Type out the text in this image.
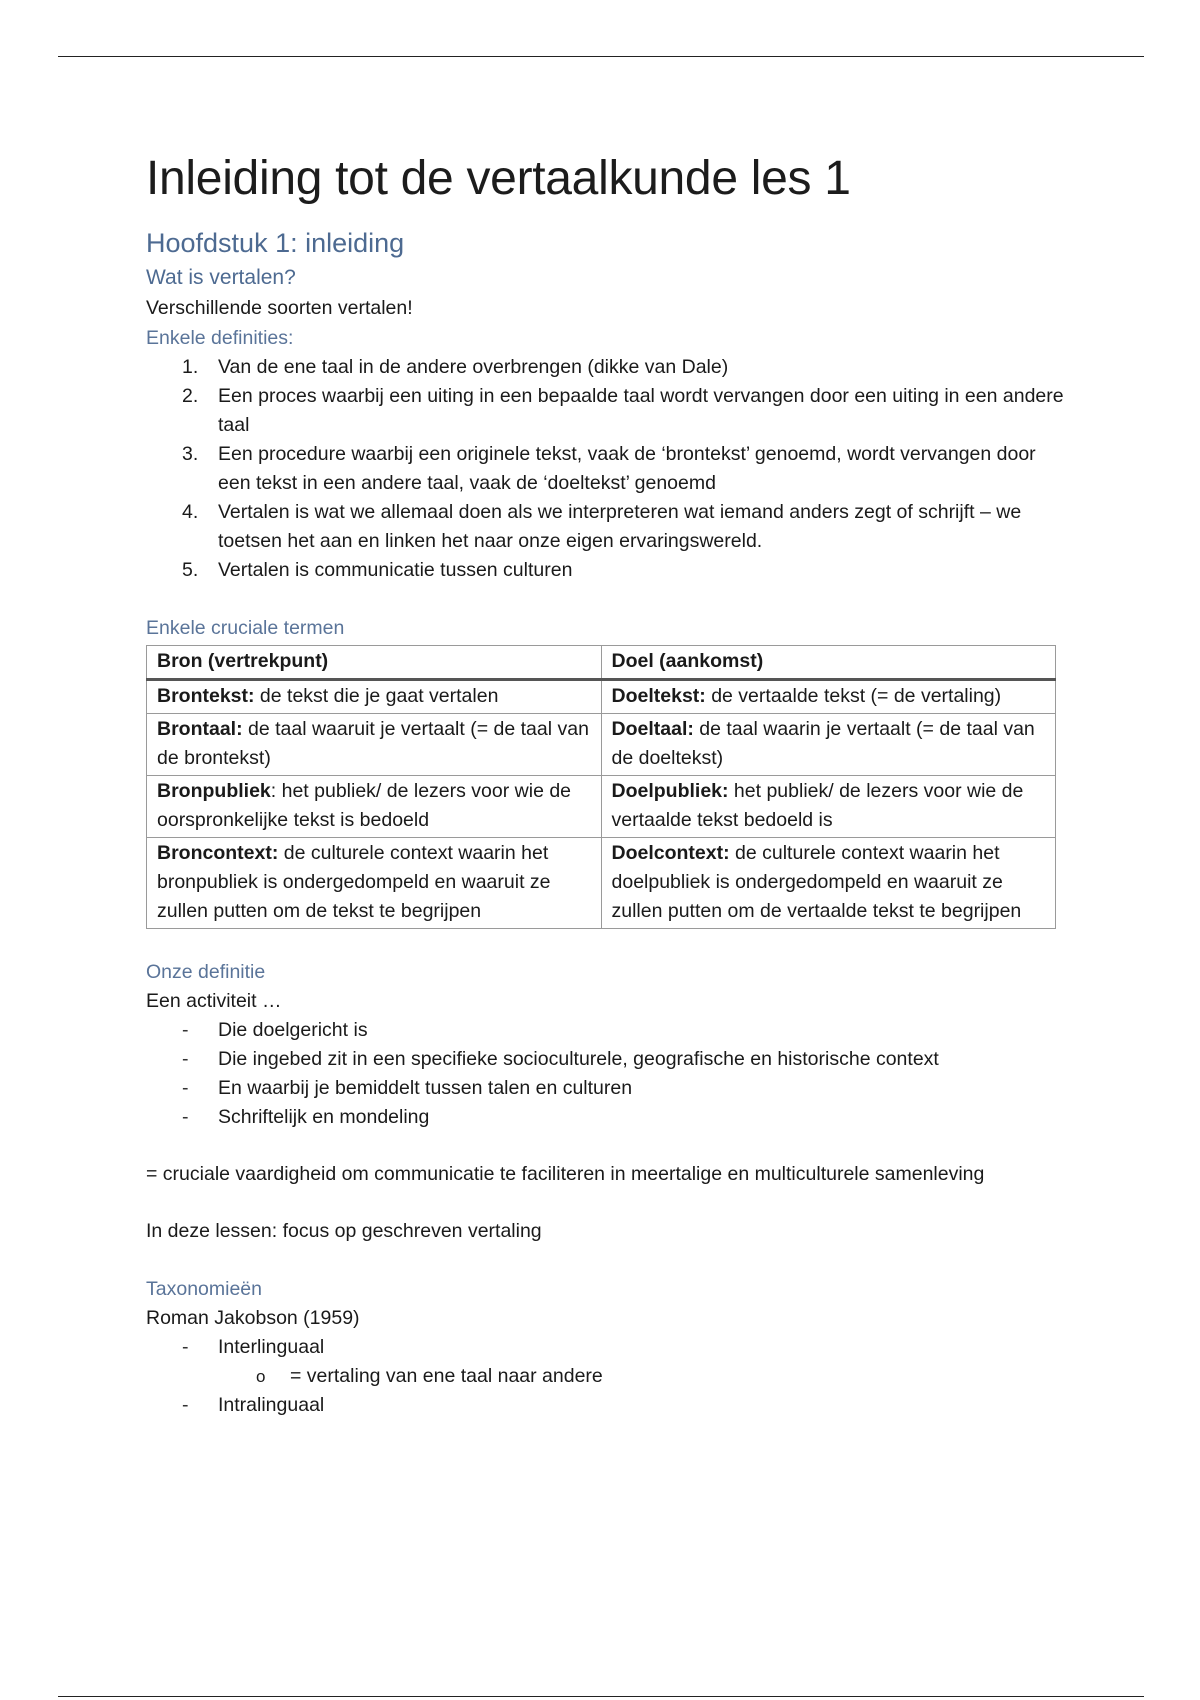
Inleiding tot de vertaalkunde les 1
Hoofdstuk 1: inleiding
Wat is vertalen?

Verschillende soorten vertalen!

Enkele definities:
1. Van de ene taal in de andere overbrengen (dikke van Dale)
2. Een proces waarbij een uiting in een bepaalde taal wordt vervangen door een uiting in een andere taal
3. Een procedure waarbij een originele tekst, vaak de ‘brontekst’ genoemd, wordt vervangen door een tekst in een andere taal, vaak de ‘doeltekst’ genoemd
4. Vertalen is wat we allemaal doen als we interpreteren wat iemand anders zegt of schrijft – we toetsen het aan en linken het naar onze eigen ervaringswereld.
5. Vertalen is communicatie tussen culturen
Enkele cruciale termen
Bron (vertrekpunt)	Doel (aankomst)
Brontekst: de tekst die je gaat vertalen	Doeltekst: de vertaalde tekst (= de vertaling)
Brontaal: de taal waaruit je vertaalt (= de taal van de brontekst)	Doeltaal: de taal waarin je vertaalt (= de taal van de doeltekst)
Bronpubliek: het publiek/ de lezers voor wie de oorspronkelijke tekst is bedoeld	Doelpubliek: het publiek/ de lezers voor wie de vertaalde tekst bedoeld is
Broncontext: de culturele context waarin het bronpubliek is ondergedompeld en waaruit ze zullen putten om de tekst te begrijpen	Doelcontext: de culturele context waarin het doelpubliek is ondergedompeld en waaruit ze zullen putten om de vertaalde tekst te begrijpen
Onze definitie

Een activiteit …

- Die doelgericht is
- Die ingebed zit in een specifieke socioculturele, geografische en historische context
- En waarbij je bemiddelt tussen talen en culturen
- Schriftelijk en mondeling

= cruciale vaardigheid om communicatie te faciliteren in meertalige en multiculturele samenleving

In deze lessen: focus op geschreven vertaling

Taxonomieën

Roman Jakobson (1959)

- Interlinguaal
o = vertaling van ene taal naar andere
- Intralinguaal
